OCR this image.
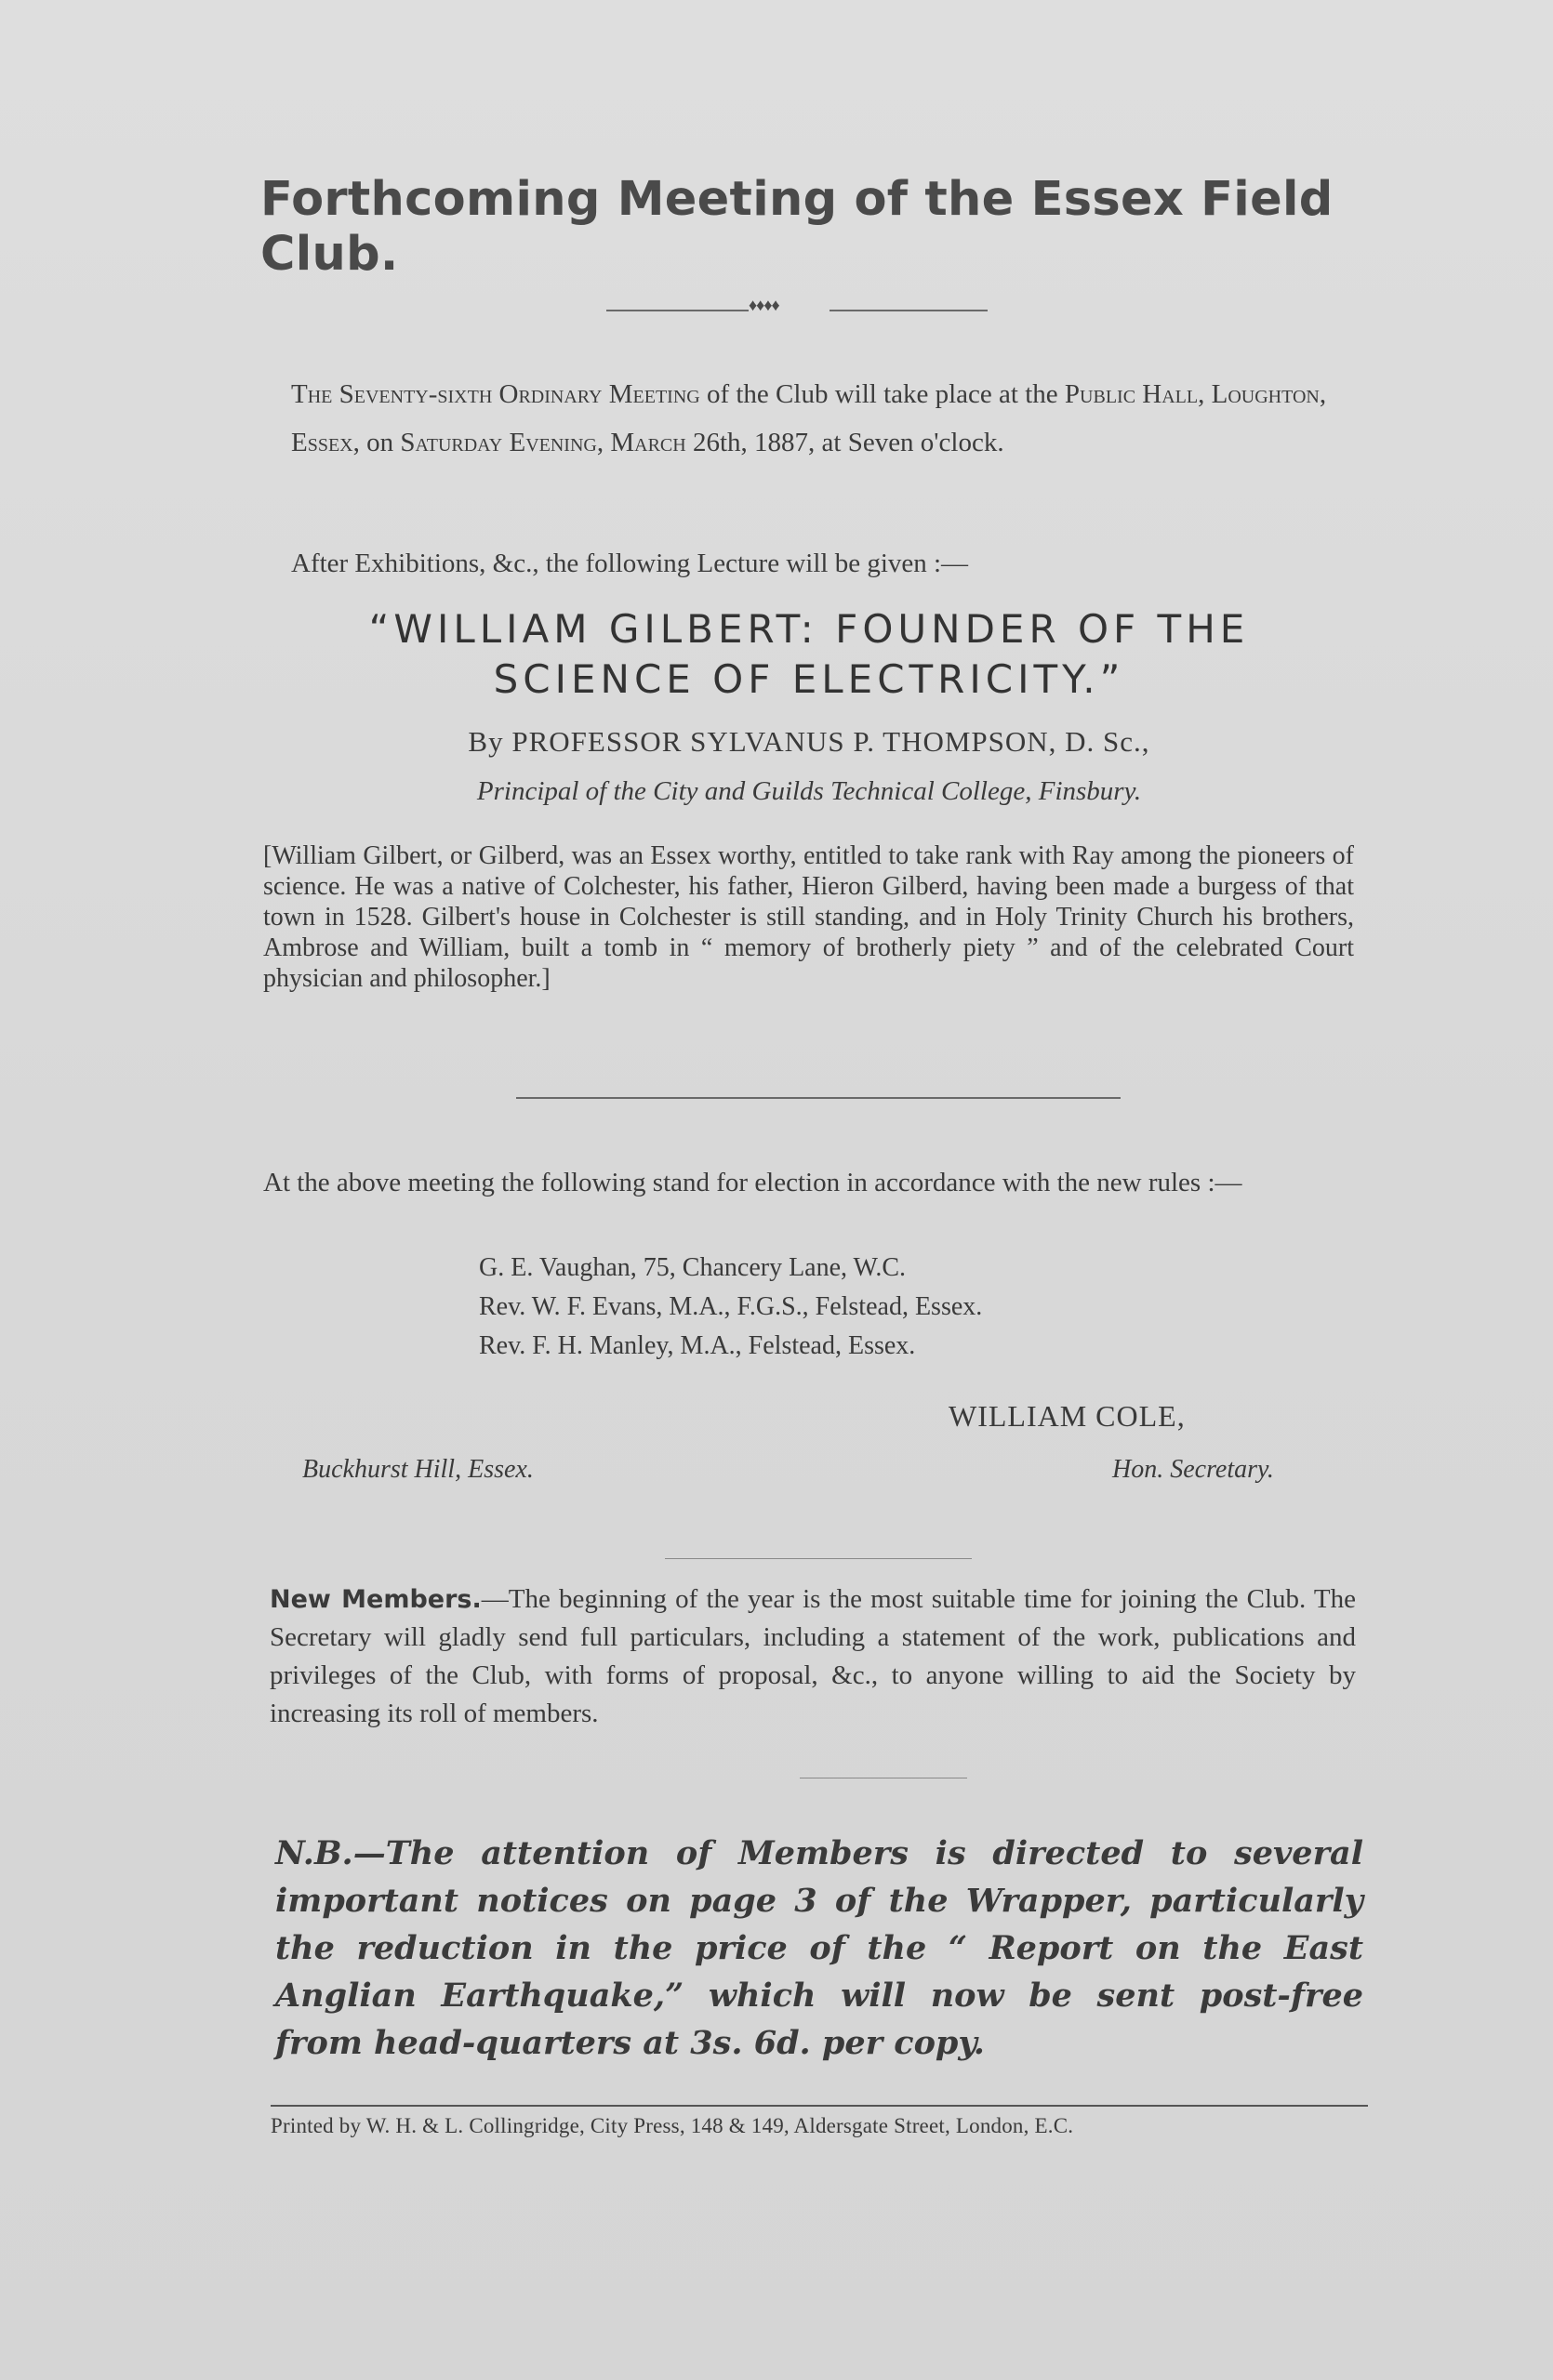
Forthcoming Meeting of the Essex Field Club.
♦♦♦♦

The Seventy-sixth Ordinary Meeting of the Club will take place at the Public Hall, Loughton, Essex, on Saturday Evening, March 26th, 1887, at Seven o'clock.

After Exhibitions, &c., the following Lecture will be given :—

“WILLIAM GILBERT: FOUNDER OF THE SCIENCE OF ELECTRICITY.”

By PROFESSOR SYLVANUS P. THOMPSON, D. Sc.,

Principal of the City and Guilds Technical College, Finsbury.

[William Gilbert, or Gilberd, was an Essex worthy, entitled to take rank with Ray among the pioneers of science. He was a native of Colchester, his father, Hieron Gilberd, having been made a burgess of that town in 1528. Gilbert's house in Colchester is still standing, and in Holy Trinity Church his brothers, Ambrose and William, built a tomb in “ memory of brotherly piety ” and of the celebrated Court physician and philosopher.]

At the above meeting the following stand for election in accordance with the new rules :—

G. E. Vaughan, 75, Chancery Lane, W.C.
Rev. W. F. Evans, M.A., F.G.S., Felstead, Essex.
Rev. F. H. Manley, M.A., Felstead, Essex.
WILLIAM COLE,
Buckhurst Hill, Essex.	Hon. Secretary.

New Members.—The beginning of the year is the most suitable time for joining the Club. The Secretary will gladly send full particulars, including a statement of the work, publications and privileges of the Club, with forms of proposal, &c., to anyone willing to aid the Society by increasing its roll of members.

N.B.—The attention of Members is directed to several important notices on page 3 of the Wrapper, particularly the reduction in the price of the “ Report on the East Anglian Earthquake,” which will now be sent post-free from head-quarters at 3s. 6d. per copy.

Printed by W. H. & L. Collingridge, City Press, 148 & 149, Aldersgate Street, London, E.C.
